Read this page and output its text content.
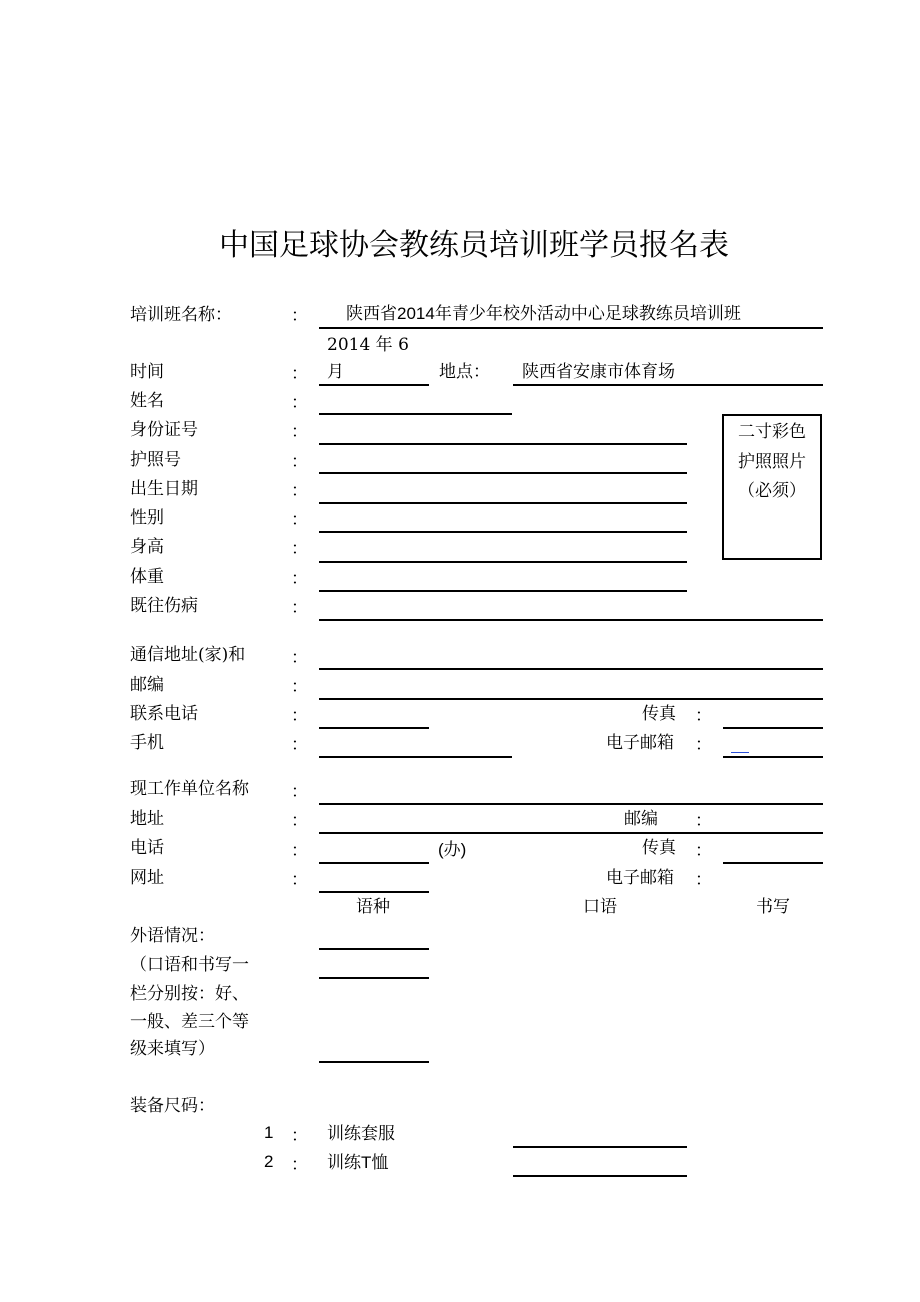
中国足球协会教练员培训班学员报名表
培训班名称：	： 陕西省2014年青少年校外活动中心足球教练员培训班
2014 年 6
时间	： 月	地点： 陕西省安康市体育场
姓名	：
身份证号	：
护照号	：
出生日期	：
性别	：
身高	：
体重	：
既往伤病	：
二寸彩色
护照照片
（必须）
通信地址(家)和	：
邮编	：
联系电话	：	传真 ：
手机	：	电子邮箱 ：
现工作单位名称 ：
地址	：	邮编 ：
电话	：	(办)	传真 ：
网址	：	电子邮箱 ：
语种	口语	书写
外语情况：
（口语和书写一
栏分别按：好、
一般、差三个等
级来填写）
装备尺码：
1 ： 训练套服
2 ： 训练T恤
